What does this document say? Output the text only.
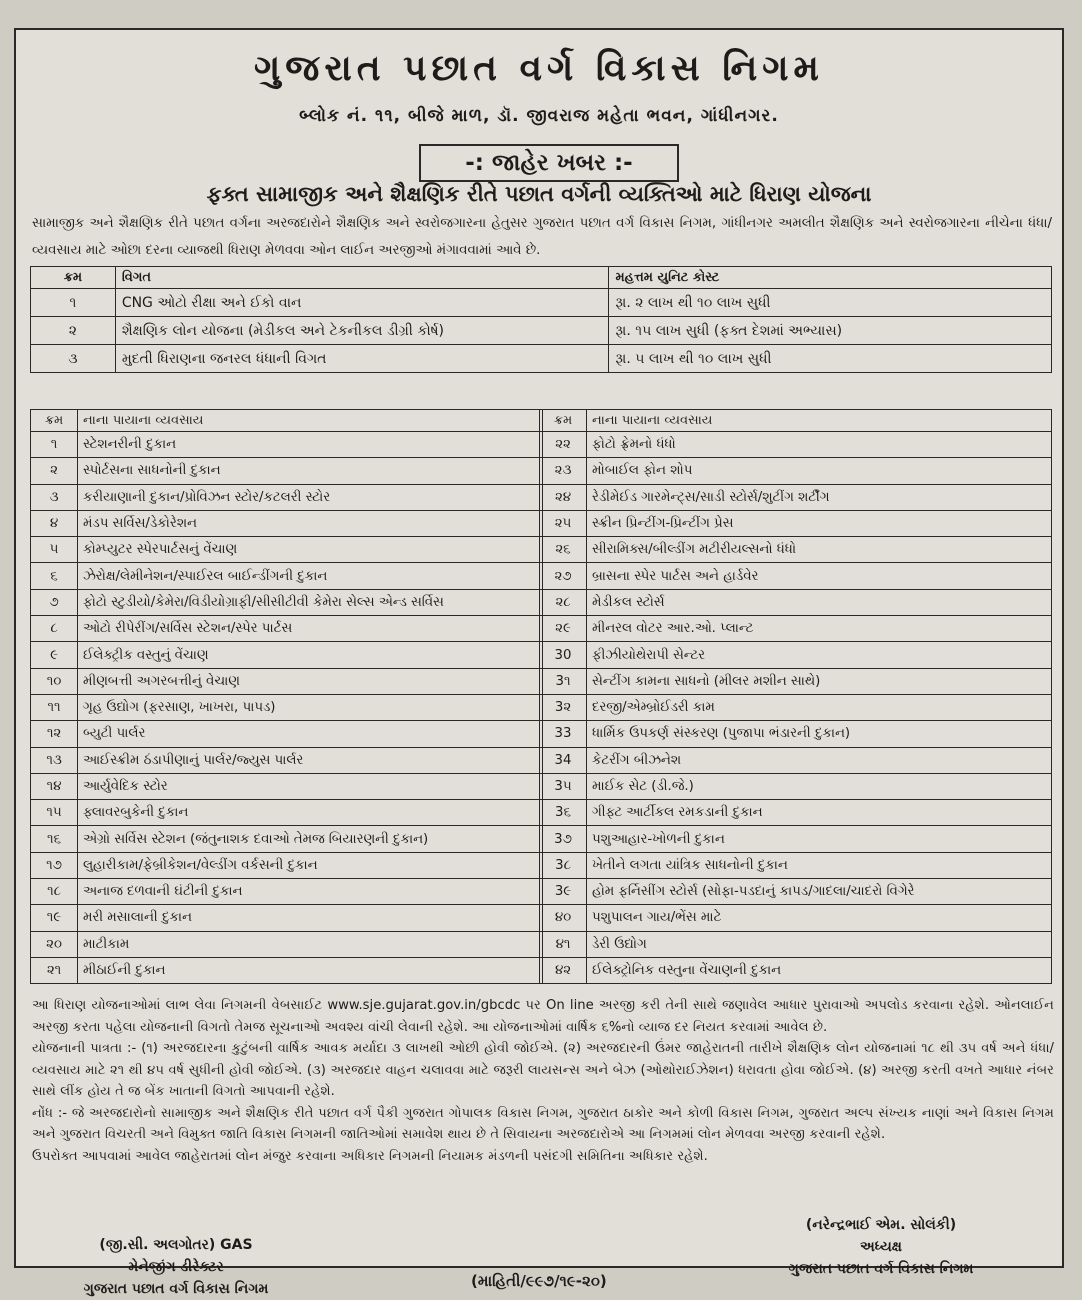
ગુજરાત પછાત વર્ગ વિકાસ નિગમ
બ્લોક નં. ૧૧, બીજે માળ, ડૉ. જીવરાજ મહેતા ભવન, ગાંધીનગર.
-: જાહેર ખબર :-
ફક્ત સામાજીક અને શૈક્ષણિક રીતે પછાત વર્ગની વ્યક્તિઓ માટે ધિરાણ યોજના
સામાજીક અને શૈક્ષણિક રીતે પછાત વર્ગના અરજદારોને શૈક્ષણિક અને સ્વરોજગારના હેતુસર ગુજરાત પછાત વર્ગ વિકાસ નિગમ, ગાંધીનગર અમલીત શૈક્ષણિક અને સ્વરોજગારના નીચેના ધંધા/વ્યવસાય માટે ઓછા દરના વ્યાજથી ધિરાણ મેળવવા ઓન લાઈન અરજીઓ મંગાવવામાં આવે છે.
ક્રમ	વિગત	મહત્તમ યુનિટ કોસ્ટ
૧	CNG ઓટો રીક્ષા અને ઈકો વાન	રૂા. ૨ લાખ થી ૧૦ લાખ સુધી
૨	શૈક્ષણિક લોન યોજના (મેડીકલ અને ટેકનીકલ ડીગ્રી કોર્ષ)	રૂા. ૧૫ લાખ સુધી (ફક્ત દેશમાં અભ્યાસ)
૩	મુદતી ધિરાણના જનરલ ધંધાની વિગત	રૂા. ૫ લાખ થી ૧૦ લાખ સુધી
ક્રમ	નાના પાયાના વ્યવસાય
૧	સ્ટેશનરીની દુકાન
૨	સ્પોર્ટસના સાધનોની દુકાન
૩	કરીયાણાની દુકાન/પ્રોવિઝન સ્ટોર/કટલરી સ્ટોર
૪	મંડપ સર્વિસ/ડેકોરેશન
૫	કોમ્પ્યુટર સ્પેરપાર્ટસનું વેંચાણ
૬	ઝેરોક્ષ/લેમીનેશન/સ્પાઈરલ બાઈન્ડીંગની દુકાન
૭	ફોટો સ્ટુડીયો/કેમેરા/વિડીયોગ્રાફી/સીસીટીવી કેમેરા સેલ્સ એન્ડ સર્વિસ
૮	ઓટો રીપેરીંગ/સર્વિસ સ્ટેશન/સ્પેર પાર્ટસ
૯	ઈલેક્ટ્રીક વસ્તુનું વેંચાણ
૧૦	મીણબત્તી અગરબત્તીનું વેચાણ
૧૧	ગૃહ ઉદ્યોગ (ફરસાણ, ખાખરા, પાપડ)
૧૨	બ્યુટી પાર્લર
૧૩	આઈસ્ક્રીમ ઠંડાપીણાનું પાર્લર/જ્યુસ પાર્લર
૧૪	આર્યુવેદિક સ્ટોર
૧૫	ફ્લાવરબુકેની દુકાન
૧૬	એગ્રો સર્વિસ સ્ટેશન (જંતુનાશક દવાઓ તેમજ બિયારણની દુકાન)
૧૭	લુહારીકામ/ફેબ્રીકેશન/વેલ્ડીંગ વર્કસની દુકાન
૧૮	અનાજ દળવાની ઘંટીની દુકાન
૧૯	મરી મસાલાની દુકાન
૨૦	માટીકામ
૨૧	મીઠાઈની દુકાન
ક્રમ	નાના પાયાના વ્યવસાય
૨૨	ફોટો ફ્રેમનો ધંધો
૨૩	મોબાઈલ ફોન શોપ
૨૪	રેડીમેઈડ ગારમેન્ટ્સ/સાડી સ્ટોર્સ/શુટીંગ શર્ટીંગ
૨૫	સ્ક્રીન પ્રિન્ટીંગ-પ્રિન્ટીંગ પ્રેસ
૨૬	સીરામિક્સ/બીલ્ડીંગ મટીરીયલ્સનો ધંધો
૨૭	બ્રાસના સ્પેર પાર્ટસ અને હાર્ડવેર
૨૮	મેડીકલ સ્ટોર્સ
૨૯	મીનરલ વોટર આર.ઓ. પ્લાન્ટ
30	ફીઝીયોથેરાપી સેન્ટર
3૧	સેન્ટીંગ કામના સાધનો (મીલર મશીન સાથે)
3૨	દરજી/એમ્બ્રોઈડરી કામ
33	ધાર્મિક ઉપકર્ણ સંસ્કરણ (પુજાપા ભંડારની દુકાન)
34	કેટરીંગ બીઝનેશ
3૫	માઈક સેટ (ડી.જે.)
3૬	ગીફ્ટ આર્ટીકલ રમકડાની દુકાન
3૭	પશુઆહાર-ખોળની દુકાન
3૮	ખેતીને લગતા યાંત્રિક સાધનોની દુકાન
3૯	હોમ ફર્નિસીંગ સ્ટોર્સ (સોફા-પડદાનું કાપડ/ગાદલા/ચાદરો વિગેરે
૪૦	પશુપાલન ગાય/ભેંસ માટે
૪૧	ડેરી ઉદ્યોગ
૪૨	ઈલેક્ટ્રોનિક વસ્તુના વેંચાણની દુકાન

આ ધિરાણ યોજનાઓમાં લાભ લેવા નિગમની વેબસાઈટ www.sje.gujarat.gov.in/gbcdc પર On line અરજી કરી તેની સાથે જણાવેલ આધાર પુરાવાઓ અપલોડ કરવાના રહેશે. ઓનલાઈન અરજી કરતા પહેલા યોજનાની વિગતો તેમજ સૂચનાઓ અવશ્ય વાંચી લેવાની રહેશે. આ યોજનાઓમાં વાર્ષિક ૬%નો વ્યાજ દર નિયત કરવામાં આવેલ છે.

યોજનાની પાત્રતા :- (૧) અરજદારના કુટુંબની વાર્ષિક આવક મર્યાદા ૩ લાખથી ઓછી હોવી જોઈએ. (૨) અરજદારની ઉંમર જાહેરાતની તારીખે શૈક્ષણિક લોન યોજનામાં ૧૮ થી ૩૫ વર્ષ અને ધંધા/વ્યવસાય માટે ૨૧ થી ૪૫ વર્ષ સુધીની હોવી જોઈએ. (૩) અરજદાર વાહન ચલાવવા માટે જરૂરી લાયસન્સ અને બેઝ (ઓથોરાઈઝેશન) ધરાવતા હોવા જોઈએ. (૪) અરજી કરતી વખતે આધાર નંબર સાથે લીંક હોય તે જ બેંક ખાતાની વિગતો આપવાની રહેશે.

નોંધ :- જે અરજદારોનો સામાજીક અને શૈક્ષણિક રીતે પછાત વર્ગ પૈકી ગુજરાત ગોપાલક વિકાસ નિગમ, ગુજરાત ઠાકોર અને કોળી વિકાસ નિગમ, ગુજરાત અલ્પ સંખ્યક નાણાં અને વિકાસ નિગમ અને ગુજરાત વિચરતી અને વિમુક્ત જાતિ વિકાસ નિગમની જાતિઓમાં સમાવેશ થાય છે તે સિવાયના અરજદારોએ આ નિગમમાં લોન મેળવવા અરજી કરવાની રહેશે.

ઉપરોક્ત આપવામાં આવેલ જાહેરાતમાં લોન મંજુર કરવાના અધિકાર નિગમની નિયામક મંડળની પસંદગી સમિતિના અધિકાર રહેશે.

(નરેન્દ્રભાઈ એમ. સોલંકી)
અધ્યક્ષ
ગુજરાત પછાત વર્ગ વિકાસ નિગમ
(જી.સી. અલગોતર) GAS
મેનેજીંગ ડીરેક્ટર
ગુજરાત પછાત વર્ગ વિકાસ નિગમ	(માહિતી/૯૯૭/૧૯-૨૦)
